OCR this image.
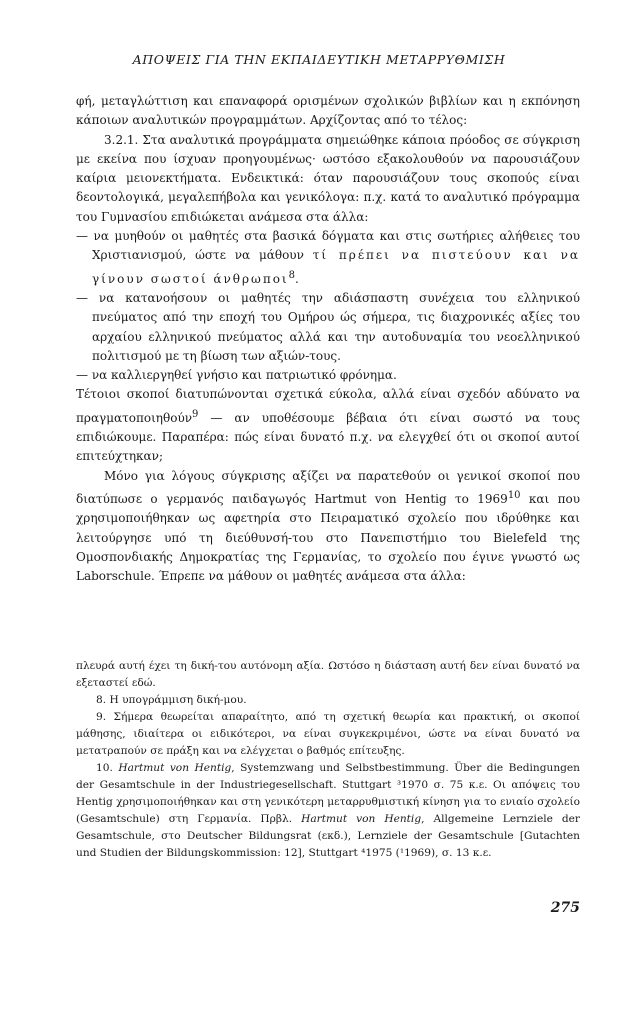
ΑΠΟΨΕΙΣ ΓΙΑ ΤΗΝ ΕΚΠΑΙΔΕΥΤΙΚΗ ΜΕΤΑΡΡΥΘΜΙΣΗ

φή, μεταγλώττιση και επαναφορά ορισμένων σχολικών βιβλίων και η εκπόνηση κάποιων αναλυτικών προγραμμάτων. Αρχίζοντας από το τέλος:

3.2.1. Στα αναλυτικά προγράμματα σημειώθηκε κάποια πρόοδος σε σύγκριση με εκείνα που ίσχυαν προηγουμένως· ωστόσο εξακολουθούν να παρουσιάζουν καίρια μειονεκτήματα. Ενδεικτικά: όταν παρουσιάζουν τους σκοπούς είναι δεοντολογικά, μεγαλεπήβολα και γενικόλογα: π.χ. κατά το αναλυτικό πρόγραμμα του Γυμνασίου επιδιώκεται ανάμεσα στα άλλα:

— να μυηθούν οι μαθητές στα βασικά δόγματα και στις σωτήριες αλήθειες του Χριστιανισμού, ώστε να μάθουν τί πρέπει να πιστεύουν και να γίνουν σωστοί άνθρωποι$^8$.

— να κατανοήσουν οι μαθητές την αδιάσπαστη συνέχεια του ελληνικού πνεύματος από την εποχή του Ομήρου ώς σήμερα, τις διαχρονικές αξίες του αρχαίου ελληνικού πνεύματος αλλά και την αυτοδυναμία του νεοελληνικού πολιτισμού με τη βίωση των αξιών-τους.

— να καλλιεργηθεί γνήσιο και πατριωτικό φρόνημα.

Τέτοιοι σκοποί διατυπώνονται σχετικά εύκολα, αλλά είναι σχεδόν αδύνατο να πραγματοποιηθούν$^9$ — αν υποθέσουμε βέβαια ότι είναι σωστό να τους επιδιώκουμε. Παραπέρα: πώς είναι δυνατό π.χ. να ελεγχθεί ότι οι σκοποί αυτοί επιτεύχτηκαν;

Μόνο για λόγους σύγκρισης αξίζει να παρατεθούν οι γενικοί σκοποί που διατύπωσε ο γερμανός παιδαγωγός Hartmut von Hentig το 1969$^{10}$ και που χρησιμοποιήθηκαν ως αφετηρία στο Πειραματικό σχολείο που ιδρύθηκε και λειτούργησε υπό τη διεύθυνσή-του στο Πανεπιστήμιο του Bielefeld της Ομοσπονδιακής Δημοκρατίας της Γερμανίας, το σχολείο που έγινε γνωστό ως Laborschule. Έπρεπε να μάθουν οι μαθητές ανάμεσα στα άλλα:

πλευρά αυτή έχει τη δική-του αυτόνομη αξία. Ωστόσο η διάσταση αυτή δεν είναι δυνατό να εξεταστεί εδώ.

8. Η υπογράμμιση δική-μου.

9. Σήμερα θεωρείται απαραίτητο, από τη σχετική θεωρία και πρακτική, οι σκοποί μάθησης, ιδιαίτερα οι ειδικότεροι, να είναι συγκεκριμένοι, ώστε να είναι δυνατό να μετατραπούν σε πράξη και να ελέγχεται ο βαθμός επίτευξης.

10. Hartmut von Hentig, Systemzwang und Selbstbestimmung. Über die Bedingungen der Gesamtschule in der Industriegesellschaft. Stuttgart ³1970 σ. 75 κ.ε. Οι απόψεις του Hentig χρησιμοποιήθηκαν και στη γενικότερη μεταρρυθμιστική κίνηση για το ενιαίο σχολείο (Gesamtschule) στη Γερμανία. Πρβλ. Hartmut von Hentig, Allgemeine Lernziele der Gesamtschule, στο Deutscher Bildungsrat (εκδ.), Lernziele der Gesamtschule [Gutachten und Studien der Bildungskommission: 12], Stuttgart ⁴1975 (¹1969), σ. 13 κ.ε.

275
